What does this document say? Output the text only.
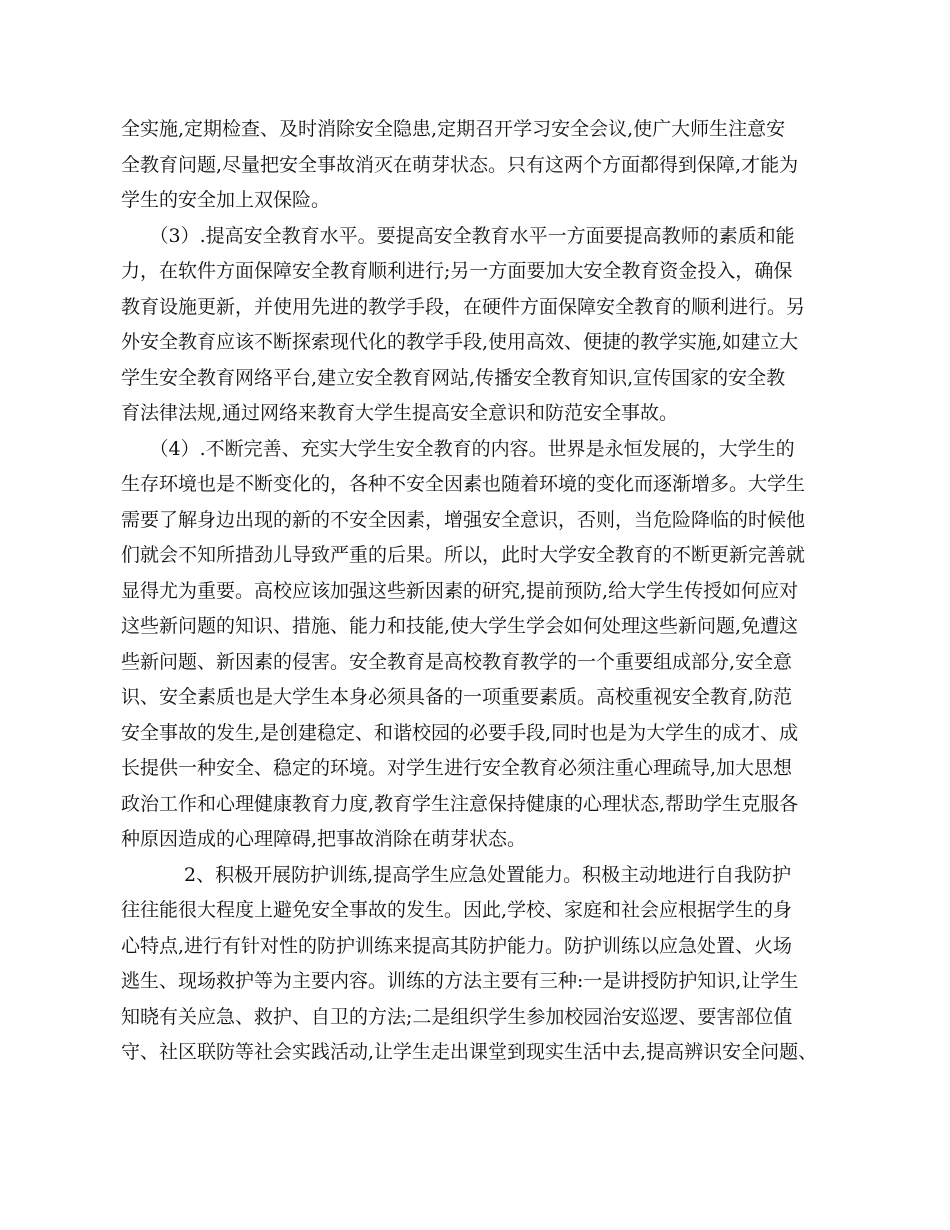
全实施,定期检查、及时消除安全隐患,定期召开学习安全会议,使广大师生注意安
全教育问题,尽量把安全事故消灭在萌芽状态。只有这两个方面都得到保障,才能为
学生的安全加上双保险。
　　（3）.提高安全教育水平。要提高安全教育水平一方面要提高教师的素质和能
力，在软件方面保障安全教育顺利进行;另一方面要加大安全教育资金投入，确保
教育设施更新，并使用先进的教学手段，在硬件方面保障安全教育的顺利进行。另
外安全教育应该不断探索现代化的教学手段,使用高效、便捷的教学实施,如建立大
学生安全教育网络平台,建立安全教育网站,传播安全教育知识,宣传国家的安全教
育法律法规,通过网络来教育大学生提高安全意识和防范安全事故。
　　（4）.不断完善、充实大学生安全教育的内容。世界是永恒发展的，大学生的
生存环境也是不断变化的，各种不安全因素也随着环境的变化而逐渐增多。大学生
需要了解身边出现的新的不安全因素，增强安全意识，否则，当危险降临的时候他
们就会不知所措劲儿导致严重的后果。所以，此时大学安全教育的不断更新完善就
显得尤为重要。高校应该加强这些新因素的研究,提前预防,给大学生传授如何应对
这些新问题的知识、措施、能力和技能,使大学生学会如何处理这些新问题,免遭这
些新问题、新因素的侵害。安全教育是高校教育教学的一个重要组成部分,安全意
识、安全素质也是大学生本身必须具备的一项重要素质。高校重视安全教育,防范
安全事故的发生,是创建稳定、和谐校园的必要手段,同时也是为大学生的成才、成
长提供一种安全、稳定的环境。对学生进行安全教育必须注重心理疏导,加大思想
政治工作和心理健康教育力度,教育学生注意保持健康的心理状态,帮助学生克服各
种原因造成的心理障碍,把事故消除在萌芽状态。
　　　 2、积极开展防护训练,提高学生应急处置能力。积极主动地进行自我防护
往往能很大程度上避免安全事故的发生。因此,学校、家庭和社会应根据学生的身
心特点,进行有针对性的防护训练来提高其防护能力。防护训练以应急处置、火场
逃生、现场救护等为主要内容。训练的方法主要有三种:一是讲授防护知识,让学生
知晓有关应急、救护、自卫的方法;二是组织学生参加校园治安巡逻、要害部位值
守、社区联防等社会实践活动,让学生走出课堂到现实生活中去,提高辨识安全问题、
